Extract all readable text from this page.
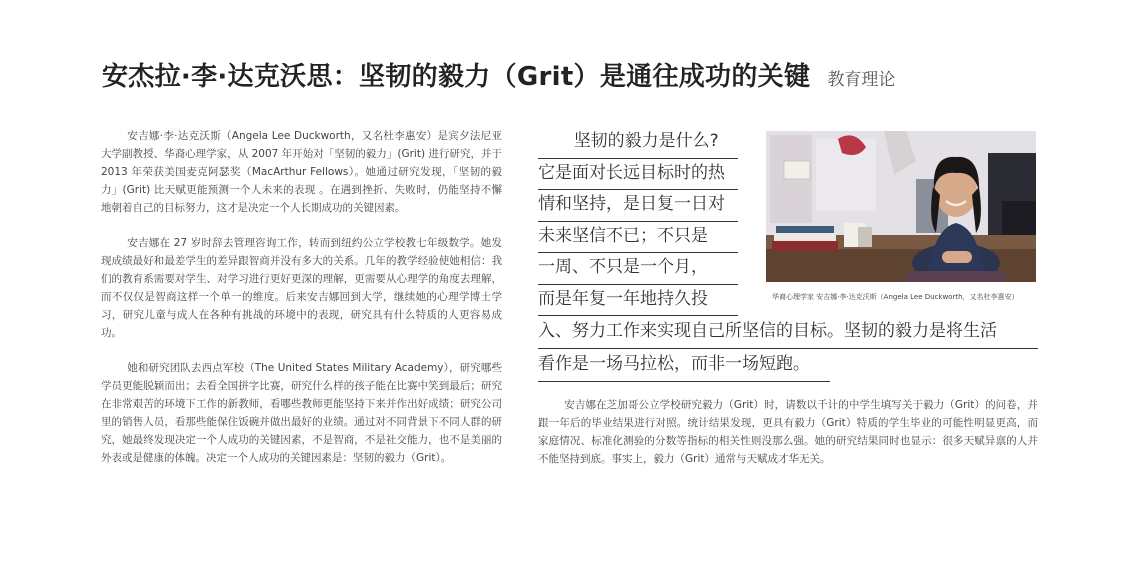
安杰拉·李·达克沃思：坚韧的毅力（Grit）是通往成功的关键 教育理论

安吉娜·李·达克沃斯（Angela Lee Duckworth，又名杜李惠安）是宾夕法尼亚大学副教授、华裔心理学家，从 2007 年开始对「坚韧的毅力」(Grit) 进行研究，并于 2013 年荣获美国麦克阿瑟奖（MacArthur Fellows）。她通过研究发现，「坚韧的毅力」(Grit) 比天赋更能预测一个人未来的表现 。在遇到挫折、失败时，仍能坚持不懈地朝着自己的目标努力，这才是决定一个人长期成功的关键因素。

安吉娜在 27 岁时辞去管理咨询工作，转而到纽约公立学校教七年级数学。她发现成绩最好和最差学生的差异跟智商并没有多大的关系。几年的教学经验使她相信：我们的教育系需要对学生、对学习进行更好更深的理解，更需要从心理学的角度去理解，而不仅仅是智商这样一个单一的维度。后来安吉娜回到大学，继续她的心理学博士学习，研究儿童与成人在各种有挑战的环境中的表现，研究具有什么特质的人更容易成功。

她和研究团队去西点军校（The United States Military Academy），研究哪些学员更能脱颖而出；去看全国拼字比赛，研究什么样的孩子能在比赛中笑到最后；研究在非常艰苦的环境下工作的新教师，看哪些教师更能坚持下来并作出好成绩；研究公司里的销售人员，看那些能保住饭碗并做出最好的业绩。通过对不同背景下不同人群的研究，她最终发现决定一个人成功的关键因素，不是智商，不是社交能力，也不是美丽的外表或是健康的体魄。决定一个人成功的关键因素是：坚韧的毅力（Grit）。

坚韧的毅力是什么?
它是面对长远目标时的热
情和坚持，是日复一日对
未来坚信不已；不只是
一周、不只是一个月，
而是年复一年地持久投
入、努力工作来实现自己所坚信的目标。坚韧的毅力是将生活
看作是一场马拉松，而非一场短跑。
华裔心理学家 安吉娜·李·达克沃斯（Angela Lee Duckworth，又名杜李惠安）

安吉娜在芝加哥公立学校研究毅力（Grit）时，请数以千计的中学生填写关于毅力（Grit）的问卷，并跟一年后的毕业结果进行对照。统计结果发现，更具有毅力（Grit）特质的学生毕业的可能性明显更高，而家庭情况、标准化测验的分数等指标的相关性则没那么强。她的研究结果同时也显示：很多天赋异禀的人并不能坚持到底。事实上，毅力（Grit）通常与天赋成才华无关。
